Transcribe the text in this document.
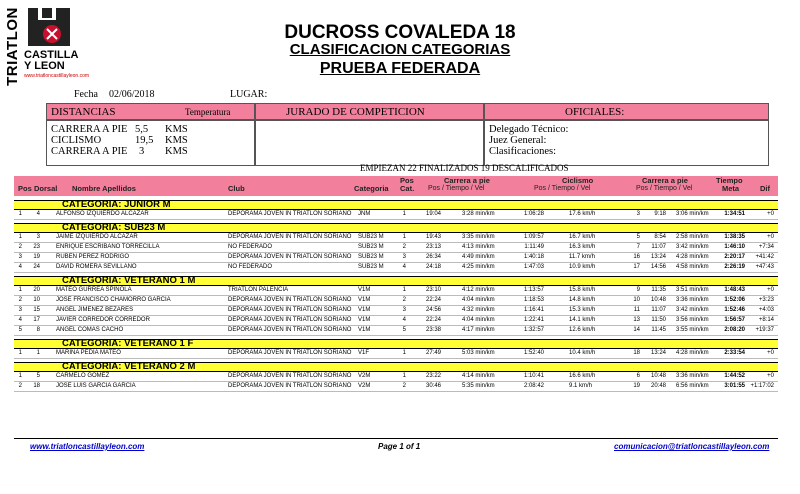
TRIATLON CASTILLA
Y LEON
www.triatloncastillayleon.com
DUCROSS COVALEDA 18
CLASIFICACION CATEGORIAS
PRUEBA FEDERADA
Fecha 02/06/2018	LUGAR:
DISTANCIAS	Temperatura	JURADO DE COMPETICION	OFICIALES:
CARRERA A PIE 5,5 KMS
CICLISMO	19,5 KMS
CARRERA A PIE 3 KMS
Delegado Técnico:
Juez General:
Clasificaciones:
EMPIEZAN 22 FINALIZADOS 19 DESCALIFICADOS
Pos Dorsal Nombre Apellidos	Club	Categoria
Pos
Cat.
Carrera a pie
Pos / Tiempo / Vel
Ciclismo
Pos / Tiempo / Vel
Carrera a pie
Pos / Tiempo / Vel
Tiempo
Meta	Dif
CATEGORIA: JUNIOR M
1 4	ALFONSO IZQUIERDO ALCAZAR	DEPORAMA JOVEN IN TRIATLON SORIANO JNM	1	19:04	3:28 min/km	1:06:28	17.6 km/h	3 9:18 3:06 min/km	1:34:51	+0
CATEGORIA: SUB23 M
1 3	JAIME IZQUIERDO ALCAZAR	DEPORAMA JOVEN IN TRIATLON SORIANO SUB23 M	1	19:43	3:35 min/km	1:09:57	16.7 km/h	5 8:54 2:58 min/km	1:38:35	+0
2 23	ENRIQUE ESCRIBANO TORRECILLA	NO FEDERADO	SUB23 M	2	23:13	4:13 min/km	1:11:49	16.3 km/h	7 11:07 3:42 min/km	1:46:10 +7:34
3 19	RUBEN PEREZ RODRIGO	DEPORAMA JOVEN IN TRIATLON SORIANO SUB23 M	3	26:34	4:49 min/km	1:40:18	11.7 km/h	16 13:24 4:28 min/km	2:20:17 +41:42
4 24	DAVID ROMERA SEVILLANO	NO FEDERADO	SUB23 M	4	24:18	4:25 min/km	1:47:03	10.9 km/h	17 14:56 4:58 min/km	2:26:19 +47:43
CATEGORIA: VETERANO 1 M
1 20	MATEO GURREA SPINOLA	TRIATLON PALENCIA	V1M	1	23:10	4:12 min/km	1:13:57	15.8 km/h	9 11:35 3:51 min/km	1:48:43	+0
2 10	JOSE FRANCISCO CHAMORRO GARCIA	DEPORAMA JOVEN IN TRIATLON SORIANO V1M	2	22:24	4:04 min/km	1:18:53	14.8 km/h	10 10:48 3:36 min/km	1:52:06 +3:23
3 15	ANGEL JIMENEZ BEZARES	DEPORAMA JOVEN IN TRIATLON SORIANO V1M	3	24:56	4:32 min/km	1:16:41	15.3 km/h	11 11:07 3:42 min/km	1:52:46 +4:03
4 17	JAVIER CORREDOR CORREDOR	DEPORAMA JOVEN IN TRIATLON SORIANO V1M	4	22:24	4:04 min/km	1:22:41	14.1 km/h	13 11:50 3:56 min/km	1:56:57 +8:14
5 8	ANGEL COMAS CACHO	DEPORAMA JOVEN IN TRIATLON SORIANO V1M	5	23:38	4:17 min/km	1:32:57	12.6 km/h	14 11:45 3:55 min/km	2:08:20 +19:37
CATEGORIA: VETERANO 1 F
1 1	MARINA PEDIA MATEO	DEPORAMA JOVEN IN TRIATLON SORIANO V1F	1	27:49	5:03 min/km	1:52:40	10.4 km/h	18 13:24 4:28 min/km	2:33:54	+0
CATEGORIA: VETERANO 2 M
1 5	CARMELO GOMEZ	DEPORAMA JOVEN IN TRIATLON SORIANO V2M	1	23:22	4:14 min/km	1:10:41	16.6 km/h	6 10:48 3:36 min/km	1:44:52	+0
2 18	JOSE LUIS GARCIA GARCIA	DEPORAMA JOVEN IN TRIATLON SORIANO V2M	2	30:46	5:35 min/km	2:08:42	9.1 km/h	19 20:48 6:56 min/km	3:01:55 +1:17:02
www.triatloncastillayleon.com	Page 1 of 1	comunicacion@triatloncastillayleon.com
